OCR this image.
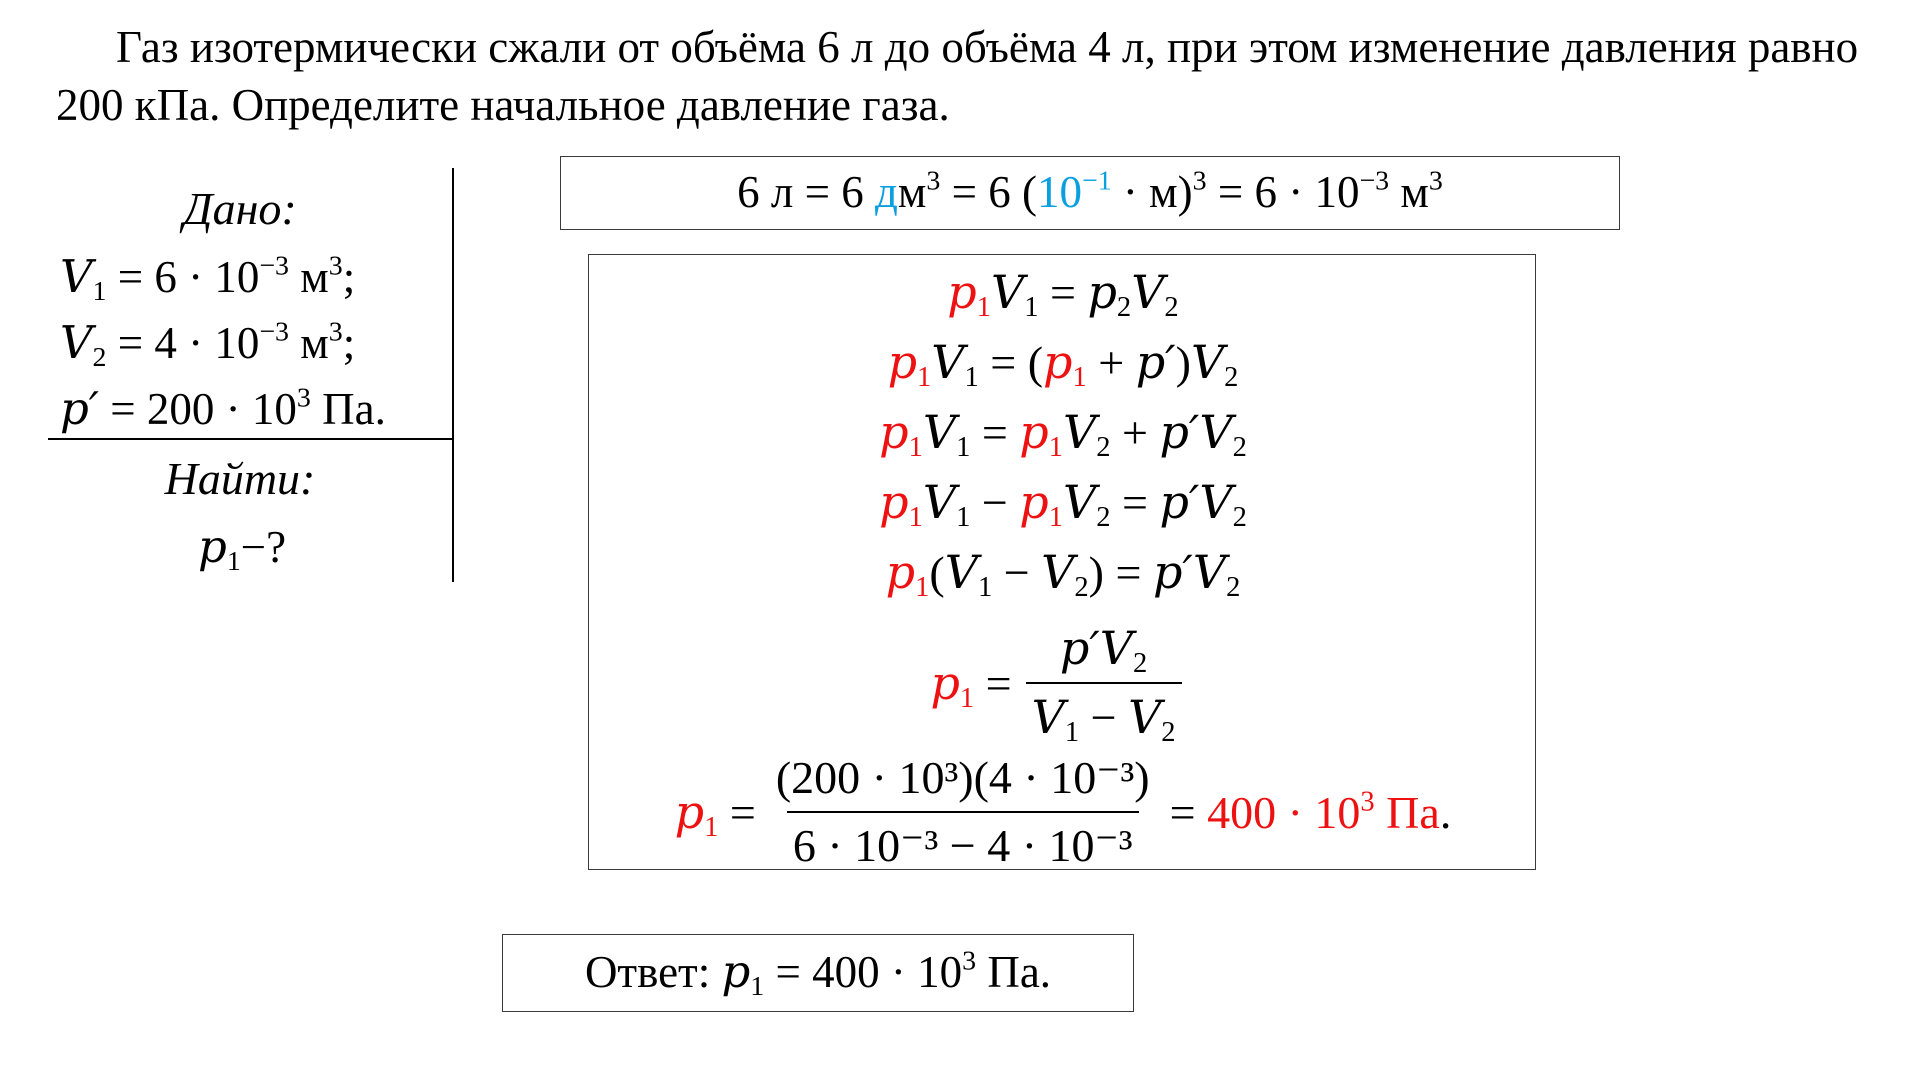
Газ изотермически сжали от объёма 6 л до объёма 4 л, при этом изменение давления равно 200 кПа. Определите начальное давление газа.

Дано:
$V_1 = 6 \cdot 10^{-3}$ $м^3$;
$V_2 = 4 \cdot 10^{-3}$ $м^3$;
$p' = 200 \cdot 10^3$ Па.
Найти:
$p_1-$?
6 л = 6 $дм^3 = 6$ $(10^{-1} \cdot м)^3 = 6 \cdot 10^{-3}$ $м^3$
$p_1V_1 = p_2V_2$
$p_1V_1 = (p_1 + p')V_2$
$p_1V_1 = p_1V_2 + p'V_2$
$p_1V_1 - p_1V_2 = p'V_2$
$p_1(V_1 - V_2) = p'V_2$
$p_1 = \frac{p'V_2}{V_1 - V_2}$
$p_1 = \frac{\text{(200 · 10³)(4 · 10⁻³)}}{\text{6 · 10⁻³ − 4 · 10⁻³}} = 400 \cdot 10^3$ Па.
Ответ: $p_1 = 400 \cdot 10^3$ Па.
